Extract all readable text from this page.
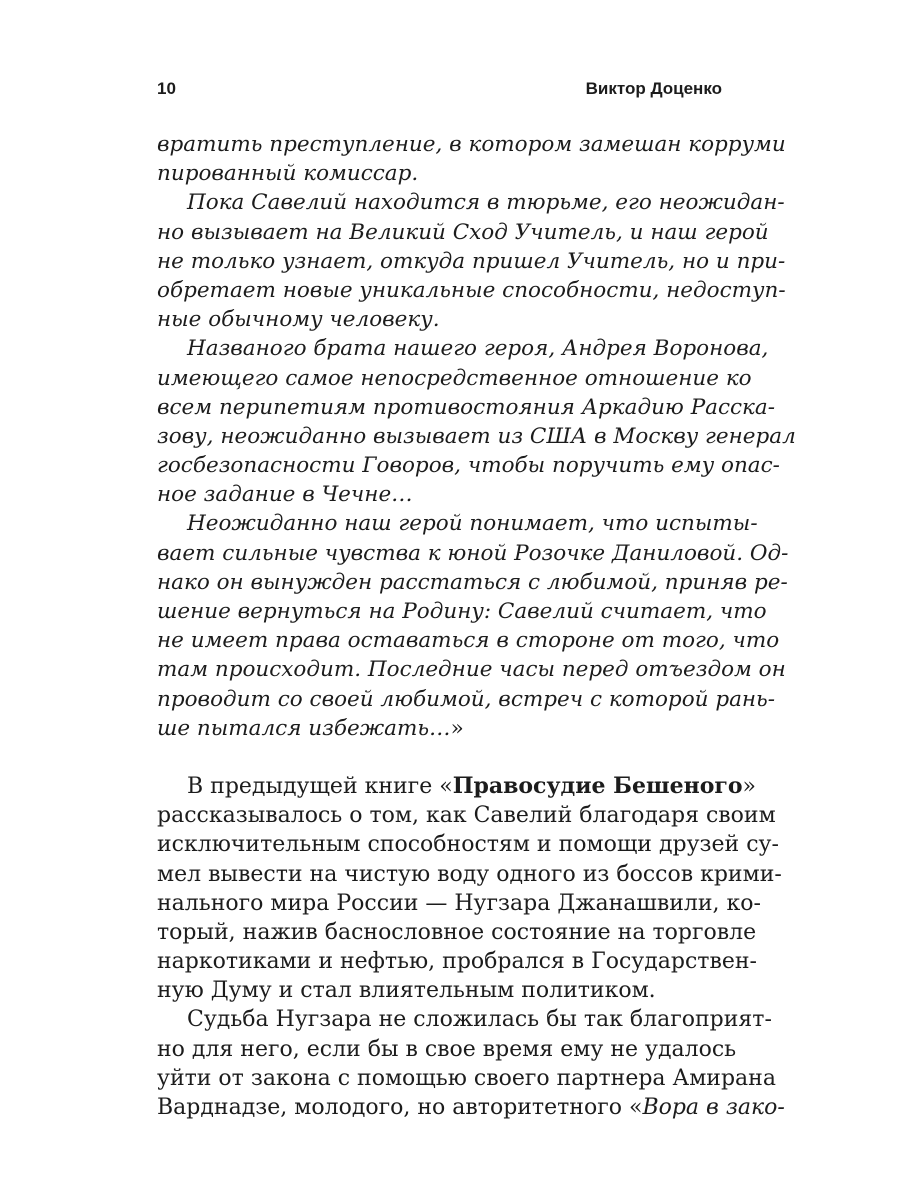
10	Виктор Доценко

вратить преступление, в котором замешан корруми
пированный комиссар.

Пока Савелий находится в тюрьме, его неожидан-
но вызывает на Великий Сход Учитель, и наш герой
не только узнает, откуда пришел Учитель, но и при-
обретает новые уникальные способности, недоступ-
ные обычному человеку.

Названого брата нашего героя, Андрея Воронова,
имеющего самое непосредственное отношение ко
всем перипетиям противостояния Аркадию Расска-
зову, неожиданно вызывает из США в Москву генерал
госбезопасности Говоров, чтобы поручить ему опас-
ное задание в Чечне…

Неожиданно наш герой понимает, что испыты-
вает сильные чувства к юной Розочке Даниловой. Од-
нако он вынужден расстаться с любимой, приняв ре-
шение вернуться на Родину: Савелий считает, что
не имеет права оставаться в стороне от того, что
там происходит. Последние часы перед отъездом он
проводит со своей любимой, встреч с которой рань-
ше пытался избежать…»

В предыдущей книге «Правосудие Бешеного»
рассказывалось о том, как Савелий благодаря своим
исключительным способностям и помощи друзей су-
мел вывести на чистую воду одного из боссов крими-
нального мира России — Нугзара Джанашвили, ко-
торый, нажив баснословное состояние на торговле
наркотиками и нефтью, пробрался в Государствен-
ную Думу и стал влиятельным политиком.

Судьба Нугзара не сложилась бы так благоприят-
но для него, если бы в свое время ему не удалось
уйти от закона с помощью своего партнера Амирана
Варднадзе, молодого, но авторитетного «Вора в зако-
